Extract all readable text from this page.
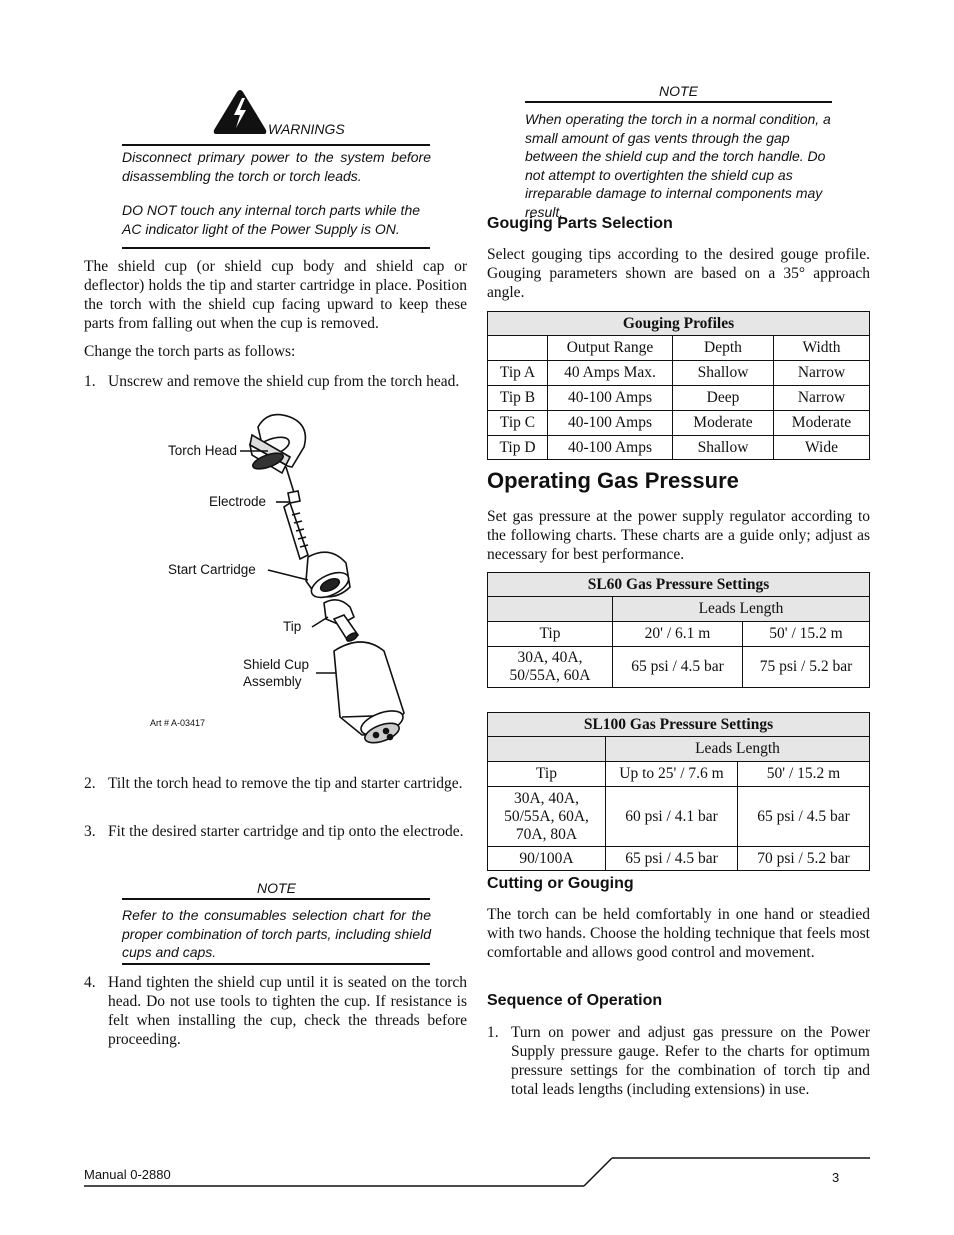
WARNINGS
Disconnect primary power to the system before disassembling the torch or torch leads.
DO NOT touch any internal torch parts while the AC indicator light of the Power Supply is ON.
The shield cup (or shield cup body and shield cap or deflector) holds the tip and starter cartridge in place. Position the torch with the shield cup facing upward to keep these parts from falling out when the cup is removed.
Change the torch parts as follows:
1. Unscrew and remove the shield cup from the torch head.
Torch Head
Electrode
Start Cartridge
Tip
Shield Cup
Assembly
Art # A-03417
2. Tilt the torch head to remove the tip and starter cartridge.
3. Fit the desired starter cartridge and tip onto the electrode.
NOTE
Refer to the consumables selection chart for the proper combination of torch parts, including shield cups and caps.
4. Hand tighten the shield cup until it is seated on the torch head. Do not use tools to tighten the cup. If resistance is felt when installing the cup, check the threads before proceeding.
NOTE
When operating the torch in a normal condition, a small amount of gas vents through the gap between the shield cup and the torch handle. Do not attempt to overtighten the shield cup as irreparable damage to internal components may result.
Gouging Parts Selection
Select gouging tips according to the desired gouge profile. Gouging parameters shown are based on a 35° approach angle.
Gouging Profiles			
	Output Range	Depth	Width
Tip A	40 Amps Max.	Shallow	Narrow
Tip B	40-100 Amps	Deep	Narrow
Tip C	40-100 Amps	Moderate	Moderate
Tip D	40-100 Amps	Shallow	Wide
Operating Gas Pressure
Set gas pressure at the power supply regulator according to the following charts. These charts are a guide only; adjust as necessary for best performance.
SL60 Gas Pressure Settings		
	Leads Length	
Tip	20' / 6.1 m	50' / 15.2 m

30A, 40A,
50/55A, 60A	65 psi / 4.5 bar	75 psi / 5.2 bar
SL100 Gas Pressure Settings		
	Leads Length	
Tip	Up to 25' / 7.6 m	50' / 15.2 m

30A, 40A,
50/55A, 60A,
70A, 80A	60 psi / 4.1 bar	65 psi / 4.5 bar
90/100A	65 psi / 4.5 bar	70 psi / 5.2 bar
Cutting or Gouging
The torch can be held comfortably in one hand or steadied with two hands. Choose the holding technique that feels most comfortable and allows good control and movement.
Sequence of Operation
1. Turn on power and adjust gas pressure on the Power Supply pressure gauge. Refer to the charts for optimum pressure settings for the combination of torch tip and total leads lengths (including extensions) in use.
Manual 0-2880	3
